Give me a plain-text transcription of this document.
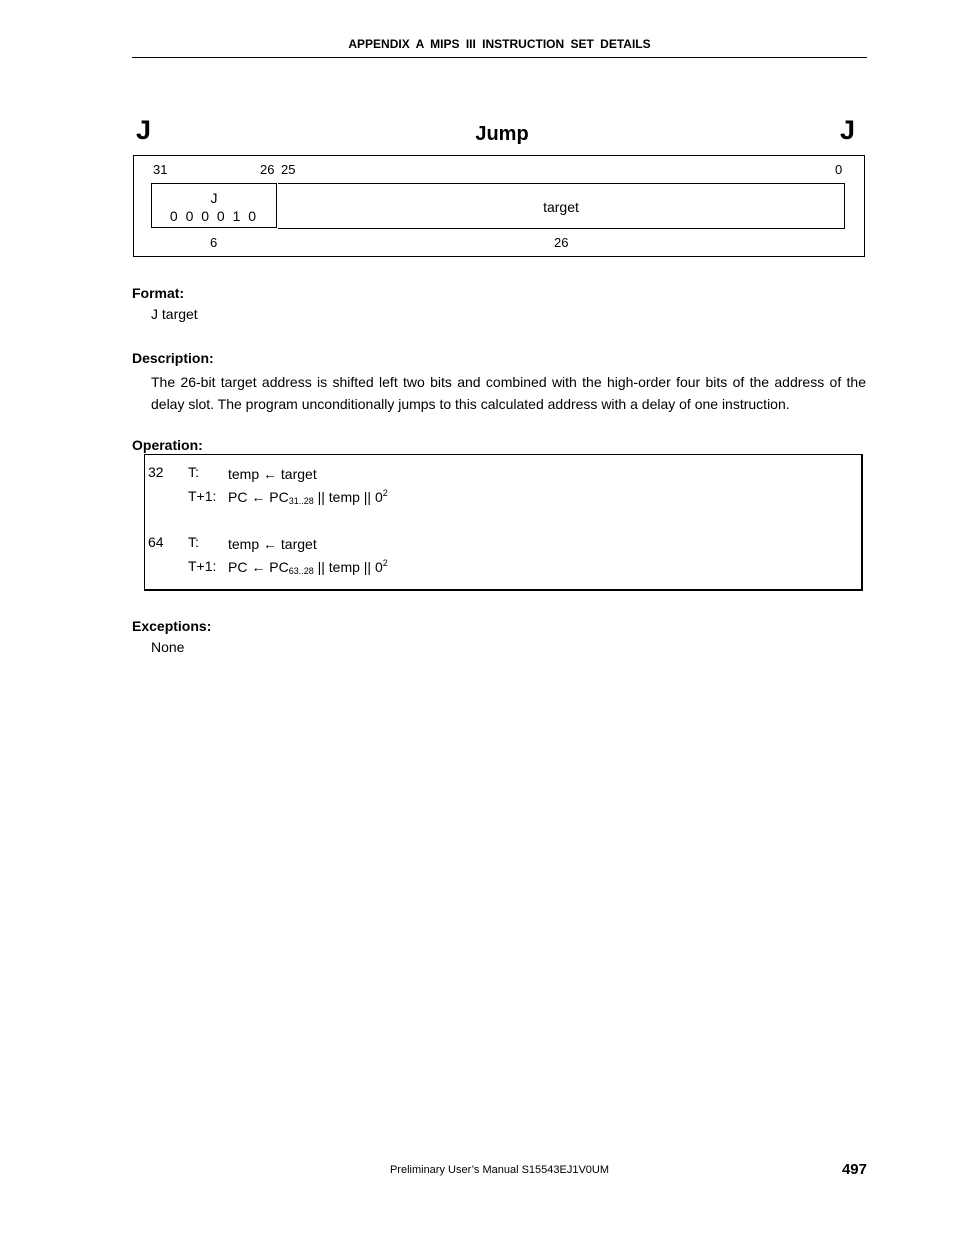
APPENDIX A MIPS III INSTRUCTION SET DETAILS
J	Jump	J
31	26 25	0
J
0 0 0 0 1 0
target
6	26
Format:
J target
Description:
The 26-bit target address is shifted left two bits and combined with the high-order four bits of the address of the delay slot. The program unconditionally jumps to this calculated address with a delay of one instruction.
Operation:
32 T: temp ← target
T+1: PC ← $PC_{31..28}$ || temp || $0^2$
64 T: temp ← target
T+1: PC ← $PC_{63..28}$ || temp || $0^2$
Exceptions:
None
Preliminary User’s Manual S15543EJ1V0UM	497
